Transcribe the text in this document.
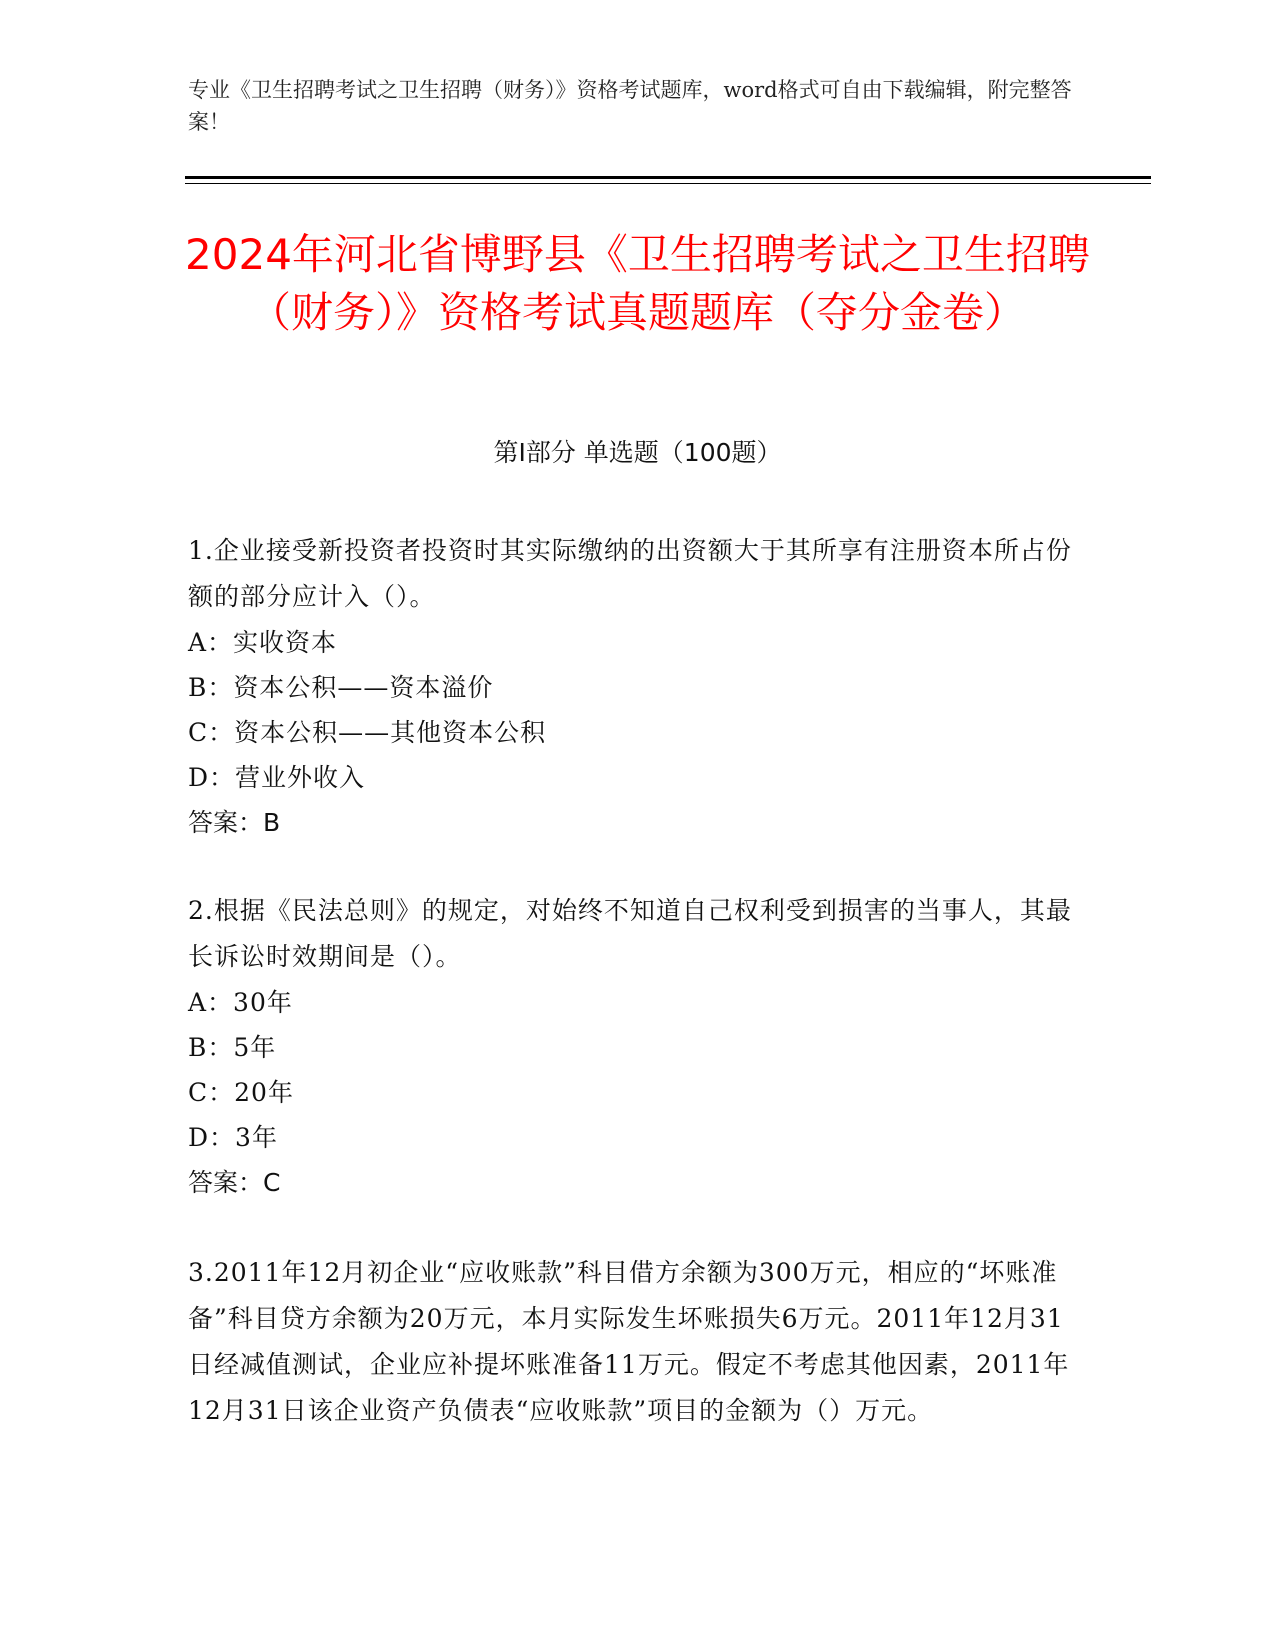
专业《卫生招聘考试之卫生招聘（财务）》资格考试题库，word格式可自由下载编辑，附完整答案！
2024年河北省博野县《卫生招聘考试之卫生招聘（财务）》资格考试真题题库（夺分金卷）
第I部分 单选题（100题）
1.企业接受新投资者投资时其实际缴纳的出资额大于其所享有注册资本所占份额的部分应计入（）。
A：实收资本
B：资本公积——资本溢价
C：资本公积——其他资本公积
D：营业外收入
答案：B
2.根据《民法总则》的规定，对始终不知道自己权利受到损害的当事人，其最长诉讼时效期间是（）。
A：30年
B：5年
C：20年
D：3年
答案：C
3.2011年12月初企业“应收账款”科目借方余额为300万元，相应的“坏账准备”科目贷方余额为20万元，本月实际发生坏账损失6万元。2011年12月31日经减值测试，企业应补提坏账准备11万元。假定不考虑其他因素，2011年12月31日该企业资产负债表“应收账款”项目的金额为（）万元。
